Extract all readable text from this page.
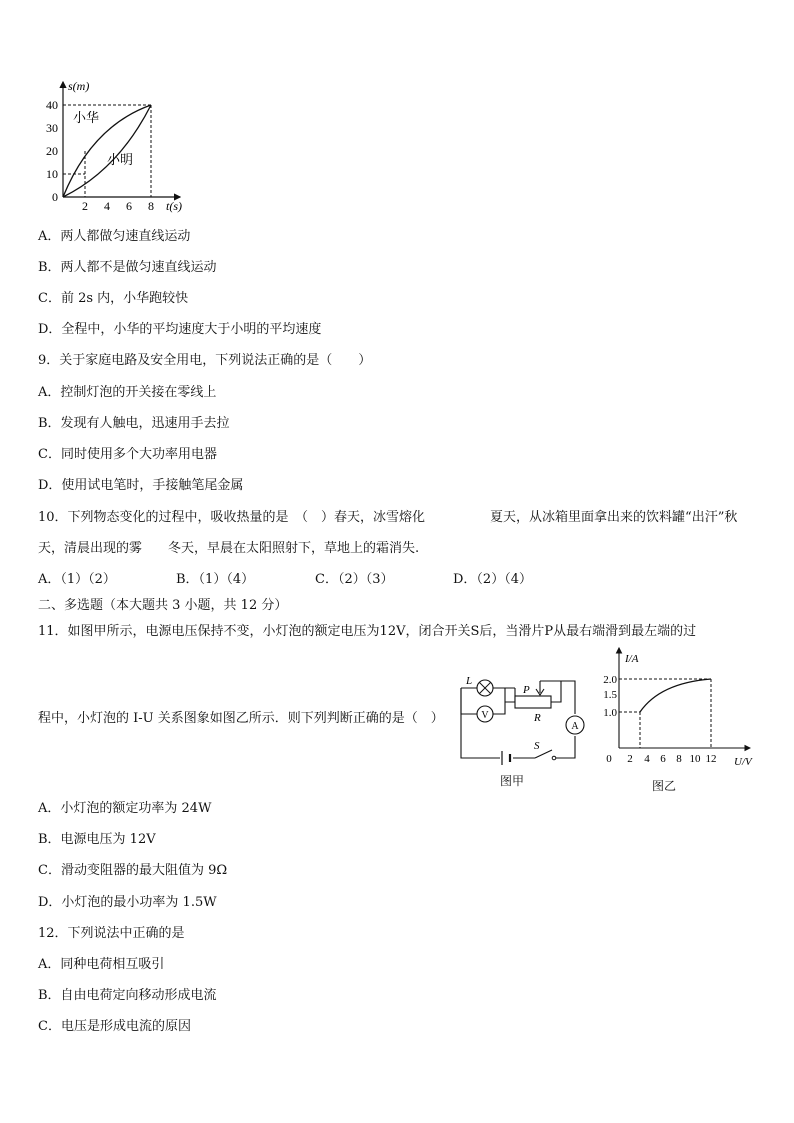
s(m)
t(s)
0
10
20
30
40
2 4 6 8
小华
小明
A．两人都做匀速直线运动
B．两人都不是做匀速直线运动
C．前 2s 内，小华跑较快
D．全程中，小华的平均速度大于小明的平均速度
9．关于家庭电路及安全用电，下列说法正确的是（　　）
A．控制灯泡的开关接在零线上
B．发现有人触电，迅速用手去拉
C．同时使用多个大功率用电器
D．使用试电笔时，手接触笔尾金属
10．下列物态变化的过程中，吸收热量的是　（　）春天，冰雪熔化　　　　　夏天，从冰箱里面拿出来的饮料罐“出汗”秋
天，清晨出现的雾　　冬天，早晨在太阳照射下，草地上的霜消失.
A．（1）（2）	B．（1）（4）	C．（2）（3）	D．（2）（4）
二、多选题（本大题共 3 小题，共 12 分）
11．如图甲所示，电源电压保持不变，小灯泡的额定电压为12V，闭合开关S后，当滑片P从最右端滑到最左端的过
程中，小灯泡的 I-U 关系图象如图乙所示．则下列判断正确的是（　）
L
V
P
R
A
S
图甲
I/A
U/V
1.0
1.5
2.0
0 2 4 6 8 10 12
图乙
A．小灯泡的额定功率为 24W
B．电源电压为 12V
C．滑动变阻器的最大阻值为 9Ω
D．小灯泡的最小功率为 1.5W
12．下列说法中正确的是
A．同种电荷相互吸引
B．自由电荷定向移动形成电流
C．电压是形成电流的原因
